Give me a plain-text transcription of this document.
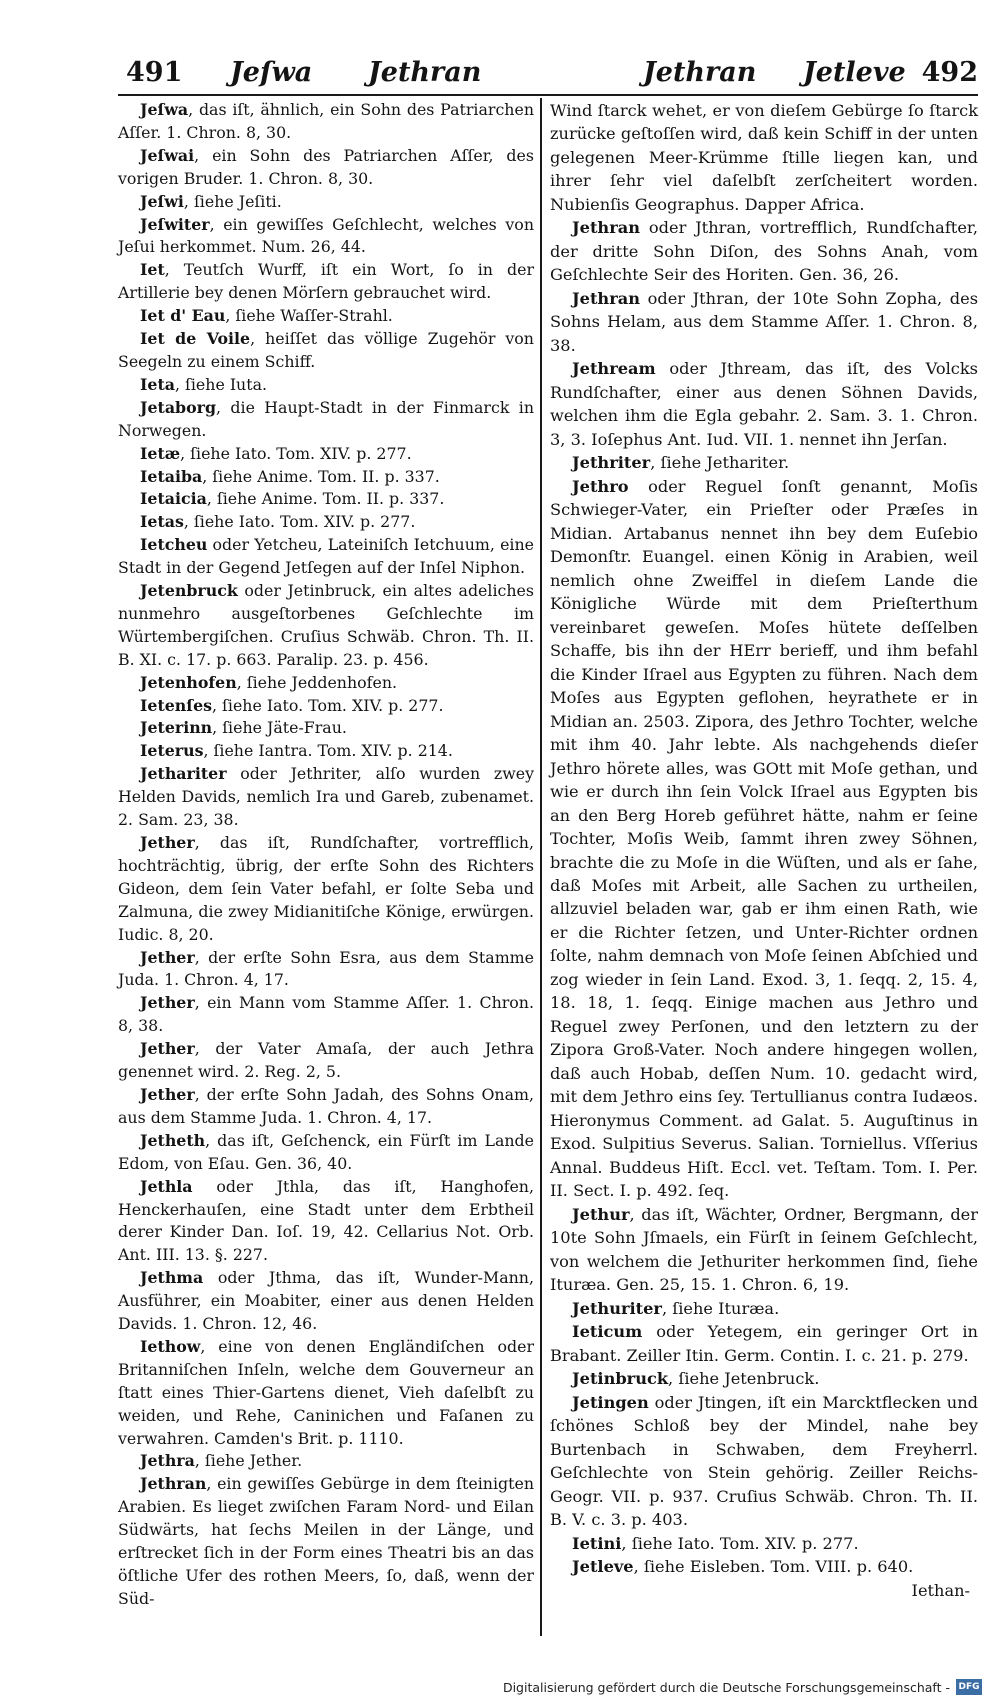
491 Jeſwa Jethran	Jethran Jetleve 492

Jeſwa, das iſt, ähnlich, ein Sohn des Patriarchen Aſſer. 1. Chron. 8, 30.

Jeſwai, ein Sohn des Patriarchen Aſſer, des vorigen Bruder. 1. Chron. 8, 30.

Jeſwi, ſiehe Jeſiti.

Jeſwiter, ein gewiſſes Geſchlecht, welches von Jeſui herkommet. Num. 26, 44.

Iet, Teutſch Wurff, iſt ein Wort, ſo in der Artillerie bey denen Mörſern gebrauchet wird.

Iet d' Eau, ſiehe Waſſer-Strahl.

Iet de Voile, heiſſet das völlige Zugehör von Seegeln zu einem Schiff.

Ieta, ſiehe Iuta.

Jetaborg, die Haupt-Stadt in der Finmarck in Norwegen.

Ietæ, ſiehe Iato. Tom. XIV. p. 277.

Ietaiba, ſiehe Anime. Tom. II. p. 337.

Ietaicia, ſiehe Anime. Tom. II. p. 337.

Ietas, ſiehe Iato. Tom. XIV. p. 277.

Ietcheu oder Yetcheu, Lateiniſch Ietchuum, eine Stadt in der Gegend Jetſegen auf der Inſel Niphon.

Jetenbruck oder Jetinbruck, ein altes adeliches nunmehro ausgeſtorbenes Geſchlechte im Würtembergiſchen. Cruſius Schwäb. Chron. Th. II. B. XI. c. 17. p. 663. Paralip. 23. p. 456.

Jetenhofen, ſiehe Jeddenhofen.

Ietenſes, ſiehe Iato. Tom. XIV. p. 277.

Jeterinn, ſiehe Jäte-Frau.

Ieterus, ſiehe Iantra. Tom. XIV. p. 214.

Jethariter oder Jethriter, alſo wurden zwey Helden Davids, nemlich Ira und Gareb, zubenamet. 2. Sam. 23, 38.

Jether, das iſt, Rundſchafter, vortrefflich, hochträchtig, übrig, der erſte Sohn des Richters Gideon, dem ſein Vater befahl, er ſolte Seba und Zalmuna, die zwey Midianitiſche Könige, erwürgen. Iudic. 8, 20.

Jether, der erſte Sohn Esra, aus dem Stamme Juda. 1. Chron. 4, 17.

Jether, ein Mann vom Stamme Aſſer. 1. Chron. 8, 38.

Jether, der Vater Amaſa, der auch Jethra genennet wird. 2. Reg. 2, 5.

Jether, der erſte Sohn Jadah, des Sohns Onam, aus dem Stamme Juda. 1. Chron. 4, 17.

Jetheth, das iſt, Geſchenck, ein Fürſt im Lande Edom, von Eſau. Gen. 36, 40.

Jethla oder Jthla, das iſt, Hanghofen, Henckerhauſen, eine Stadt unter dem Erbtheil derer Kinder Dan. Ioſ. 19, 42. Cellarius Not. Orb. Ant. III. 13. §. 227.

Jethma oder Jthma, das iſt, Wunder-Mann, Ausführer, ein Moabiter, einer aus denen Helden Davids. 1. Chron. 12, 46.

Iethow, eine von denen Engländiſchen oder Britanniſchen Inſeln, welche dem Gouverneur an ſtatt eines Thier-Gartens dienet, Vieh daſelbſt zu weiden, und Rehe, Caninichen und Faſanen zu verwahren. Camden's Brit. p. 1110.

Jethra, ſiehe Jether.

Jethran, ein gewiſſes Gebürge in dem ſteinigten Arabien. Es lieget zwiſchen Faram Nord- und Eilan Südwärts, hat ſechs Meilen in der Länge, und erſtrecket ſich in der Form eines Theatri bis an das öſtliche Ufer des rothen Meers, ſo, daß, wenn der Süd-

Wind ſtarck wehet, er von dieſem Gebürge ſo ſtarck zurücke geſtoſſen wird, daß kein Schiff in der unten gelegenen Meer-Krümme ſtille liegen kan, und ihrer ſehr viel daſelbſt zerſcheitert worden. Nubienſis Geographus. Dapper Africa.

Jethran oder Jthran, vortrefflich, Rundſchafter, der dritte Sohn Diſon, des Sohns Anah, vom Geſchlechte Seir des Horiten. Gen. 36, 26.

Jethran oder Jthran, der 10te Sohn Zopha, des Sohns Helam, aus dem Stamme Aſſer. 1. Chron. 8, 38.

Jethream oder Jthream, das iſt, des Volcks Rundſchafter, einer aus denen Söhnen Davids, welchen ihm die Egla gebahr. 2. Sam. 3. 1. Chron. 3, 3. Ioſephus Ant. Iud. VII. 1. nennet ihn Jerſan.

Jethriter, ſiehe Jethariter.

Jethro oder Reguel ſonſt genannt, Moſis Schwieger-Vater, ein Prieſter oder Præſes in Midian. Artabanus nennet ihn bey dem Euſebio Demonſtr. Euangel. einen König in Arabien, weil nemlich ohne Zweiffel in dieſem Lande die Königliche Würde mit dem Prieſterthum vereinbaret geweſen. Moſes hütete deſſelben Schaffe, bis ihn der HErr berieff, und ihm befahl die Kinder Iſrael aus Egypten zu führen. Nach dem Moſes aus Egypten geflohen, heyrathete er in Midian an. 2503. Zipora, des Jethro Tochter, welche mit ihm 40. Jahr lebte. Als nachgehends dieſer Jethro hörete alles, was GOtt mit Moſe gethan, und wie er durch ihn ſein Volck Iſrael aus Egypten bis an den Berg Horeb geführet hätte, nahm er ſeine Tochter, Moſis Weib, ſammt ihren zwey Söhnen, brachte die zu Moſe in die Wüſten, und als er ſahe, daß Moſes mit Arbeit, alle Sachen zu urtheilen, allzuviel beladen war, gab er ihm einen Rath, wie er die Richter ſetzen, und Unter-Richter ordnen ſolte, nahm demnach von Moſe ſeinen Abſchied und zog wieder in ſein Land. Exod. 3, 1. ſeqq. 2, 15. 4, 18. 18, 1. ſeqq. Einige machen aus Jethro und Reguel zwey Perſonen, und den letztern zu der Zipora Groß-Vater. Noch andere hingegen wollen, daß auch Hobab, deſſen Num. 10. gedacht wird, mit dem Jethro eins ſey. Tertullianus contra Iudæos. Hieronymus Comment. ad Galat. 5. Auguſtinus in Exod. Sulpitius Severus. Salian. Torniellus. Vſſerius Annal. Buddeus Hiſt. Eccl. vet. Teſtam. Tom. I. Per. II. Sect. I. p. 492. ſeq.

Jethur, das iſt, Wächter, Ordner, Bergmann, der 10te Sohn Jſmaels, ein Fürſt in ſeinem Geſchlecht, von welchem die Jethuriter herkommen ſind, ſiehe Ituræa. Gen. 25, 15. 1. Chron. 6, 19.

Jethuriter, ſiehe Ituræa.

Ieticum oder Yetegem, ein geringer Ort in Brabant. Zeiller Itin. Germ. Contin. I. c. 21. p. 279.

Jetinbruck, ſiehe Jetenbruck.

Jetingen oder Jtingen, iſt ein Marcktflecken und ſchönes Schloß bey der Mindel, nahe bey Burtenbach in Schwaben, dem Freyherrl. Geſchlechte von Stein gehörig. Zeiller Reichs-Geogr. VII. p. 937. Cruſius Schwäb. Chron. Th. II. B. V. c. 3. p. 403.

Ietini, ſiehe Iato. Tom. XIV. p. 277.

Jetleve, ſiehe Eisleben. Tom. VIII. p. 640.

Iethan-

Digitalisierung gefördert durch die Deutsche Forschungsgemeinschaft - DFG
